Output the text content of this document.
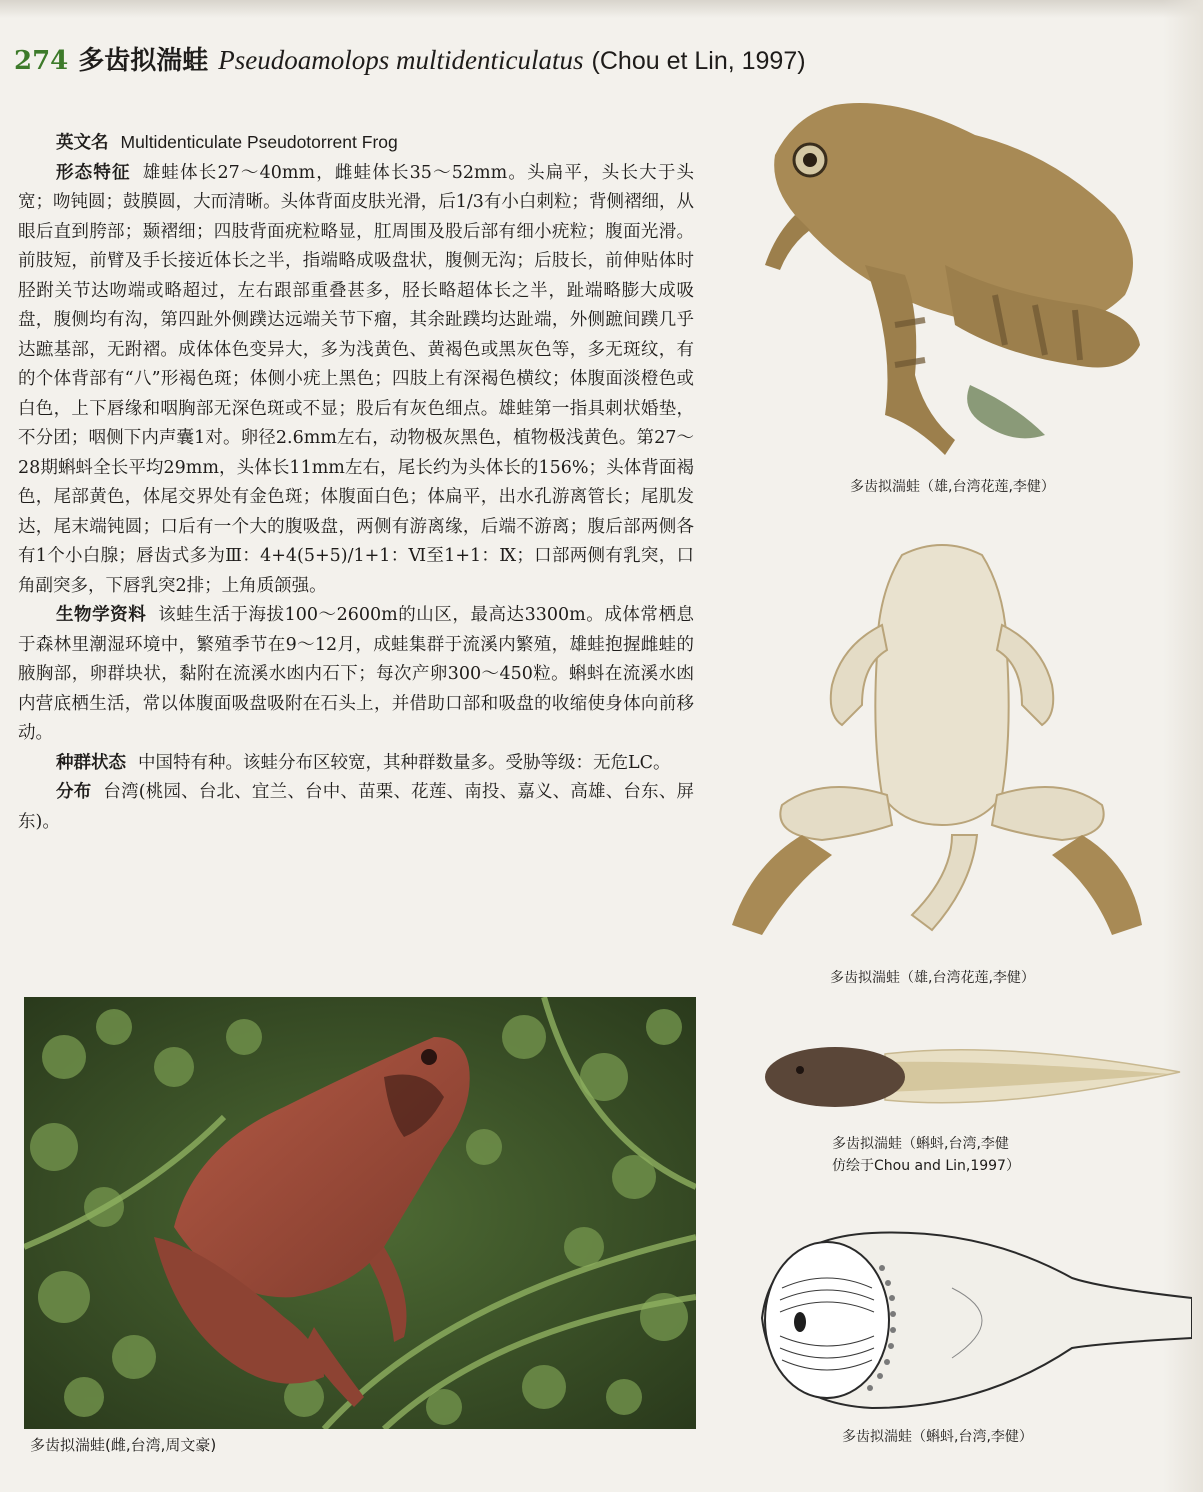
274 多齿拟湍蛙 Pseudoamolops multidenticulatus (Chou et Lin, 1997)

英文名 Multidenticulate Pseudotorrent Frog

形态特征 雄蛙体长27～40mm，雌蛙体长35～52mm。头扁平，头长大于头宽；吻钝圆；鼓膜圆，大而清晰。头体背面皮肤光滑，后1/3有小白刺粒；背侧褶细，从眼后直到胯部；颞褶细；四肢背面疣粒略显，肛周围及股后部有细小疣粒；腹面光滑。前肢短，前臂及手长接近体长之半，指端略成吸盘状，腹侧无沟；后肢长，前伸贴体时胫跗关节达吻端或略超过，左右跟部重叠甚多，胫长略超体长之半，趾端略膨大成吸盘，腹侧均有沟，第四趾外侧蹼达远端关节下瘤，其余趾蹼均达趾端，外侧蹠间蹼几乎达蹠基部，无跗褶。成体体色变异大，多为浅黄色、黄褐色或黑灰色等，多无斑纹，有的个体背部有“八”形褐色斑；体侧小疣上黑色；四肢上有深褐色横纹；体腹面淡橙色或白色，上下唇缘和咽胸部无深色斑或不显；股后有灰色细点。雄蛙第一指具刺状婚垫，不分团；咽侧下内声囊1对。卵径2.6mm左右，动物极灰黑色，植物极浅黄色。第27～28期蝌蚪全长平均29mm，头体长11mm左右，尾长约为头体长的156%；头体背面褐色，尾部黄色，体尾交界处有金色斑；体腹面白色；体扁平，出水孔游离管长；尾肌发达，尾末端钝圆；口后有一个大的腹吸盘，两侧有游离缘，后端不游离；腹后部两侧各有1个小白腺；唇齿式多为Ⅲ：4+4(5+5)/1+1：Ⅵ至1+1：Ⅸ；口部两侧有乳突，口角副突多，下唇乳突2排；上角质颌强。

生物学资料 该蛙生活于海拔100～2600m的山区，最高达3300m。成体常栖息于森林里潮湿环境中，繁殖季节在9～12月，成蛙集群于流溪内繁殖，雄蛙抱握雌蛙的腋胸部，卵群块状，黏附在流溪水凼内石下；每次产卵300～450粒。蝌蚪在流溪水凼内营底栖生活，常以体腹面吸盘吸附在石头上，并借助口部和吸盘的收缩使身体向前移动。

种群状态 中国特有种。该蛙分布区较宽，其种群数量多。受胁等级：无危LC。

分布 台湾(桃园、台北、宜兰、台中、苗栗、花莲、南投、嘉义、高雄、台东、屏东)。

多齿拟湍蛙(雌,台湾,周文豪)
多齿拟湍蛙（雄,台湾花莲,李健）
多齿拟湍蛙（雄,台湾花莲,李健）
多齿拟湍蛙（蝌蚪,台湾,李健
仿绘于Chou and Lin,1997）
多齿拟湍蛙（蝌蚪,台湾,李健）
